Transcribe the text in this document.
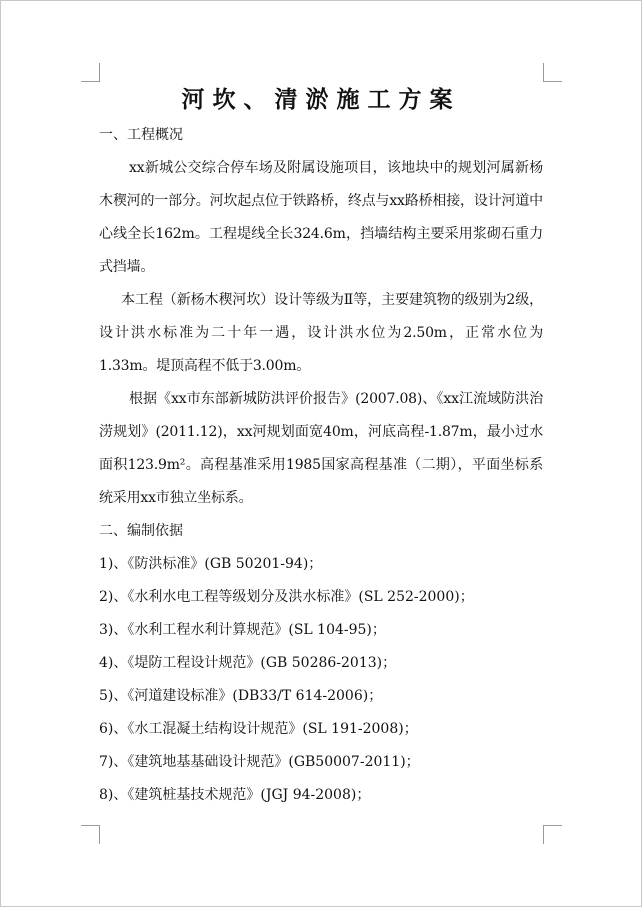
河坎、清淤施工方案
一、工程概况

xx新城公交综合停车场及附属设施项目，该地块中的规划河属新杨木稧河的一部分。河坎起点位于铁路桥，终点与xx路桥相接，设计河道中心线全长162m。工程堤线全长324.6m，挡墙结构主要采用浆砌石重力式挡墙。

本工程（新杨木稧河坎）设计等级为Ⅱ等，主要建筑物的级别为2级，设计洪水标准为二十年一遇，设计洪水位为2.50m，正常水位为1.33m。堤顶高程不低于3.00m。

根据《xx市东部新城防洪评价报告》(2007.08)、《xx江流域防洪治涝规划》(2011.12)，xx河规划面宽40m，河底高程-1.87m，最小过水面积123.9m²。高程基准采用1985国家高程基准（二期），平面坐标系统采用xx市独立坐标系。

二、编制依据

1)、《防洪标准》(GB 50201-94)；

2)、《水利水电工程等级划分及洪水标准》(SL 252-2000)；

3)、《水利工程水利计算规范》(SL 104-95)；

4)、《堤防工程设计规范》(GB 50286-2013)；

5)、《河道建设标准》(DB33/T 614-2006)；

6)、《水工混凝土结构设计规范》(SL 191-2008)；

7)、《建筑地基基础设计规范》(GB50007-2011)；

8)、《建筑桩基技术规范》(JGJ 94-2008)；
